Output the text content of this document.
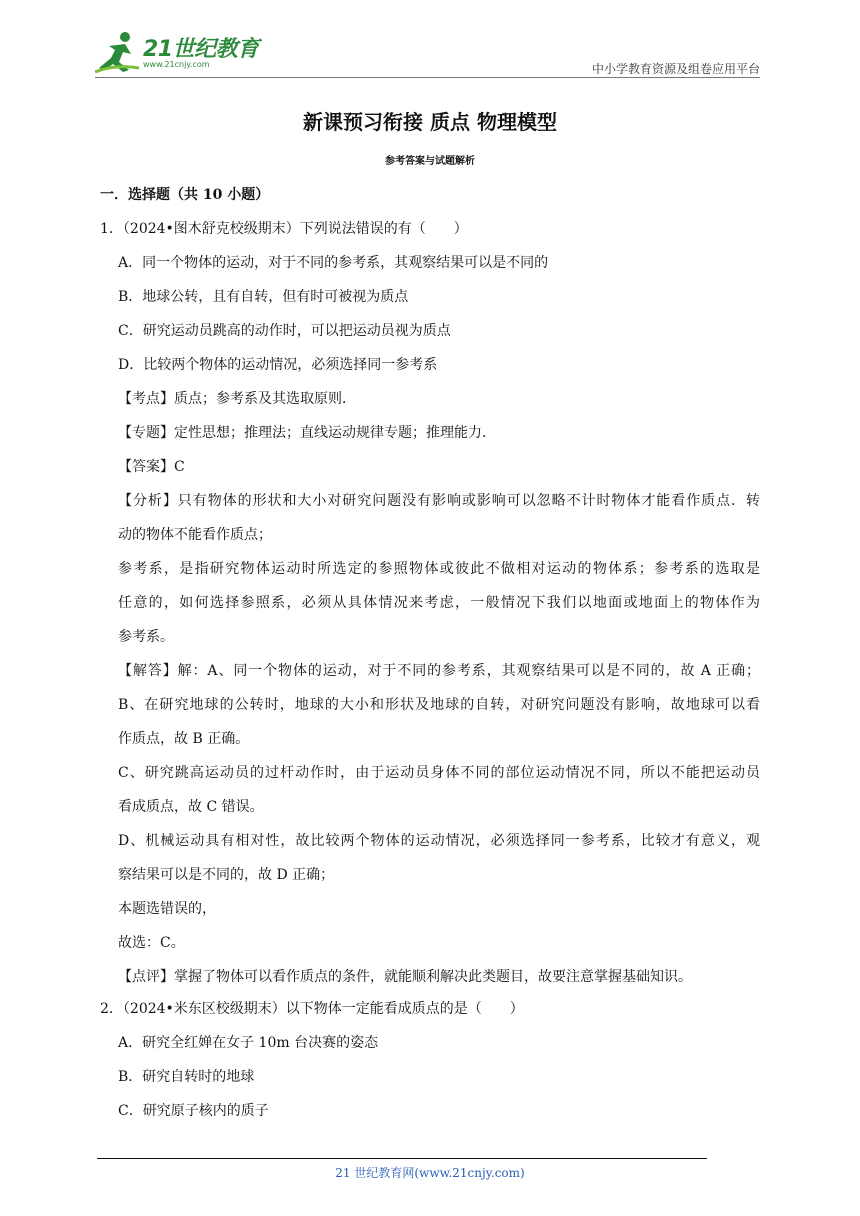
21世纪教育
www.21cnjy.com	中小学教育资源及组卷应用平台
新课预习衔接 质点 物理模型
参考答案与试题解析
一．选择题（共 10 小题）
1．（2024•图木舒克校级期末）下列说法错误的有（　　）
A．同一个物体的运动，对于不同的参考系，其观察结果可以是不同的
B．地球公转，且有自转，但有时可被视为质点
C．研究运动员跳高的动作时，可以把运动员视为质点
D．比较两个物体的运动情况，必须选择同一参考系
【考点】质点；参考系及其选取原则．
【专题】定性思想；推理法；直线运动规律专题；推理能力．
【答案】C
【分析】只有物体的形状和大小对研究问题没有影响或影响可以忽略不计时物体才能看作质点．转
动的物体不能看作质点；
参考系，是指研究物体运动时所选定的参照物体或彼此不做相对运动的物体系；参考系的选取是
任意的，如何选择参照系，必须从具体情况来考虑，一般情况下我们以地面或地面上的物体作为
参考系。
【解答】解：A、同一个物体的运动，对于不同的参考系，其观察结果可以是不同的，故 A 正确；
B、在研究地球的公转时，地球的大小和形状及地球的自转，对研究问题没有影响，故地球可以看
作质点，故 B 正确。
C、研究跳高运动员的过杆动作时，由于运动员身体不同的部位运动情况不同，所以不能把运动员
看成质点，故 C 错误。
D、机械运动具有相对性，故比较两个物体的运动情况，必须选择同一参考系，比较才有意义，观
察结果可以是不同的，故 D 正确；
本题选错误的，
故选：C。
【点评】掌握了物体可以看作质点的条件，就能顺利解决此类题目，故要注意掌握基础知识。
2．（2024•米东区校级期末）以下物体一定能看成质点的是（　　）
A．研究全红婵在女子 10m 台决赛的姿态
B．研究自转时的地球
C．研究原子核内的质子
21 世纪教育网(www.21cnjy.com)
